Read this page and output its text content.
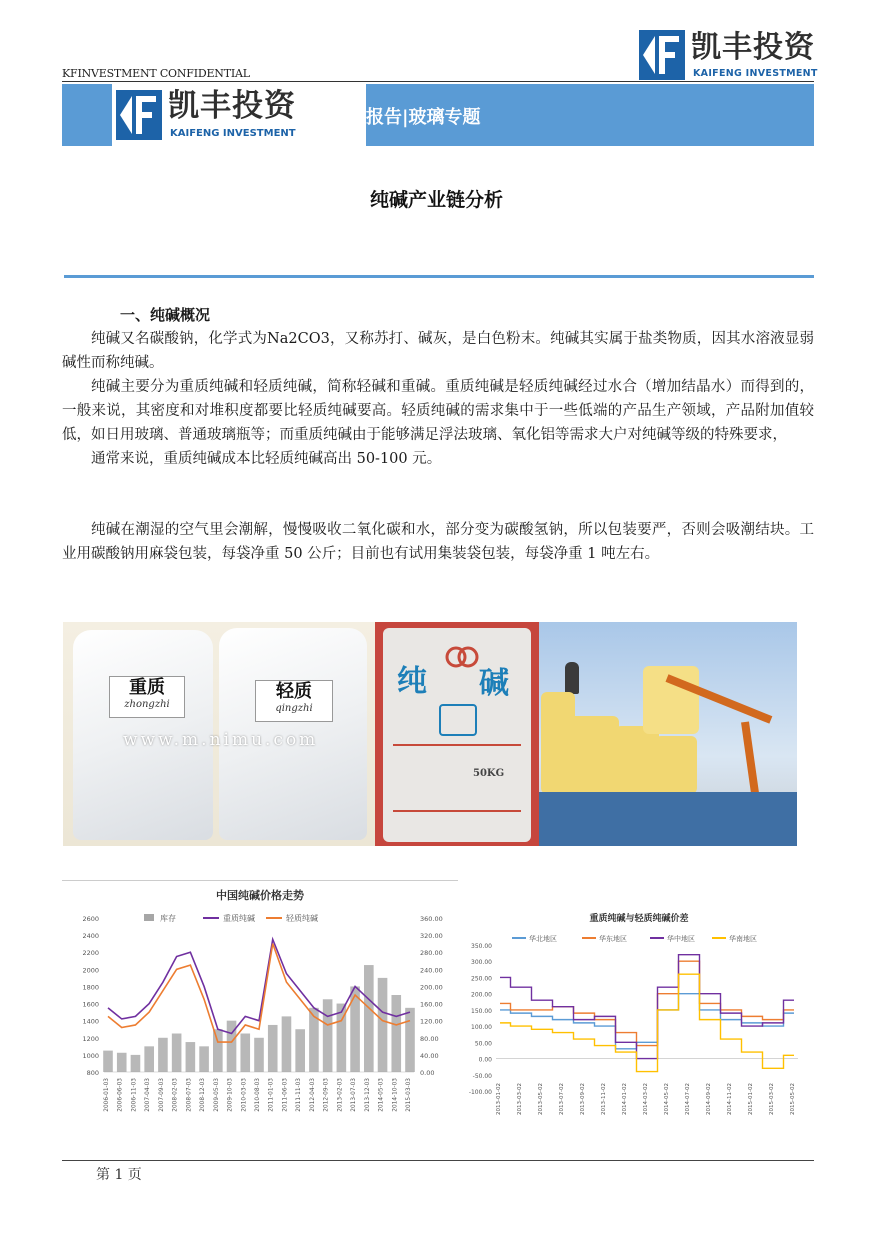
凯丰投资
KAIFENG INVESTMENT
KFINVESTMENT CONFIDENTIAL
凯丰投资
KAIFENG INVESTMENT
专题报告|玻璃专题
纯碱产业链分析
一、纯碱概况

纯碱又名碳酸钠，化学式为Na2CO3，又称苏打、碱灰，是白色粉末。纯碱其实属于盐类物质，因其水溶液显弱碱性而称纯碱。

纯碱主要分为重质纯碱和轻质纯碱，简称轻碱和重碱。重质纯碱是轻质纯碱经过水合（增加结晶水）而得到的，一般来说，其密度和对堆积度都要比轻质纯碱要高。轻质纯碱的需求集中于一些低端的产品生产领域，产品附加值较低，如日用玻璃、普通玻璃瓶等；而重质纯碱由于能够满足浮法玻璃、氧化铝等需求大户对纯碱等级的特殊要求，

通常来说，重质纯碱成本比轻质纯碱高出 50-100 元。

纯碱在潮湿的空气里会潮解，慢慢吸收二氧化碳和水，部分变为碳酸氢钠，所以包装要严，否则会吸潮结块。工业用碳酸钠用麻袋包装，每袋净重 50 公斤；目前也有试用集装袋包装，每袋净重 1 吨左右。

重质
zhongzhi
轻质
qingzhi
www.m.nimu.com
纯 碱
50KG
中国纯碱价格走势
库存	重质纯碱	轻质纯碱
2600
2400
2200
2000
1800
1600
1400
1200
1000
800
360.00
320.00
280.00
240.00
200.00
160.00
120.00
80.00
40.00
0.00
2006-01-03 2006-06-03 2006-11-03 2007-04-03 2007-09-03 2008-02-03 2008-07-03 2008-12-03 2009-05-03 2009-10-03 2010-03-03 2010-08-03 2011-01-03 2011-06-03 2011-11-03 2012-04-03 2012-09-03 2013-02-03 2013-07-03 2013-12-03 2014-05-03 2014-10-03 2015-03-03
重质纯碱与轻质纯碱价差
华北地区	华东地区	华中地区	华南地区
350.00
300.00
250.00
200.00
150.00
100.00
50.00
0.00
-50.00
-100.00 2013-01-02	2013-03-02	2013-05-02	2013-07-02	2013-09-02	2013-11-02	2014-01-02	2014-03-02	2014-05-02	2014-07-02	2014-09-02	2014-11-02	2015-01-02	2015-03-02	2015-05-02
第 1 页
